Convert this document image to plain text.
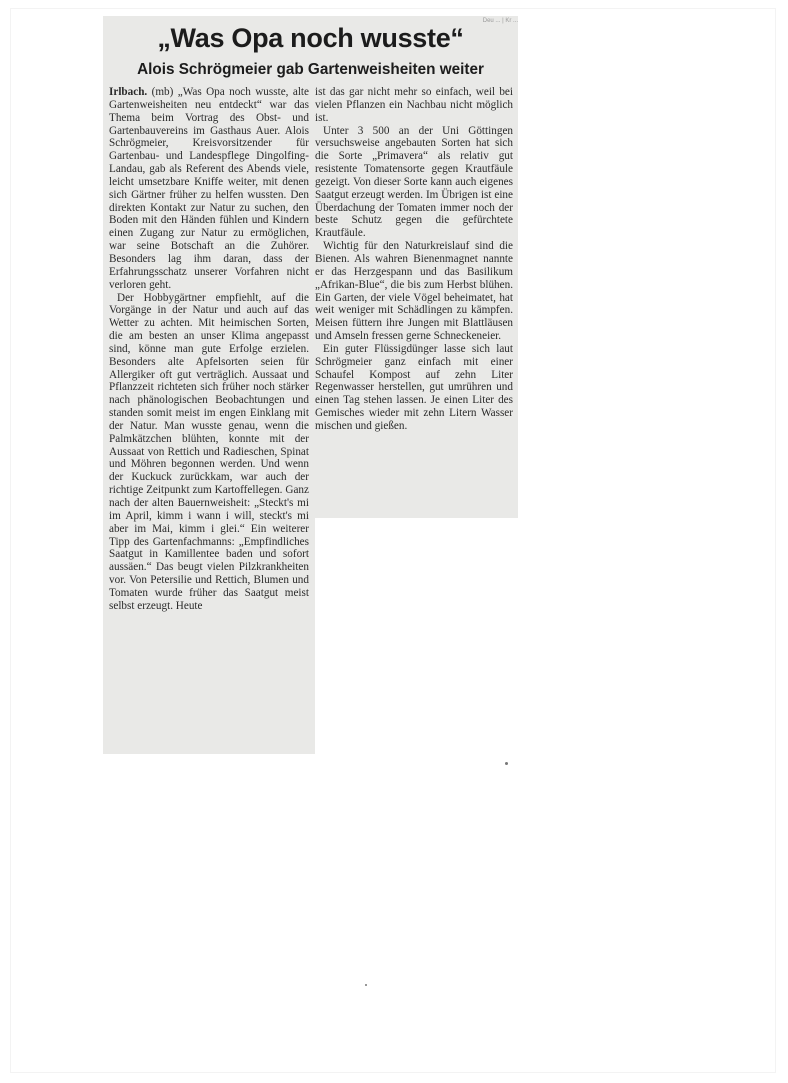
Deu ... | Kr ...
„Was Opa noch wusste“
Alois Schrögmeier gab Gartenweisheiten weiter

Irlbach. (mb) „Was Opa noch wusste, alte Gartenweisheiten neu entdeckt“ war das Thema beim Vortrag des Obst- und Gartenbauvereins im Gasthaus Auer. Alois Schrögmeier, Kreisvorsitzender für Gartenbau- und Landespflege Dingolfing-Landau, gab als Referent des Abends viele, leicht umsetzbare Kniffe weiter, mit denen sich Gärtner früher zu helfen wussten. Den direkten Kontakt zur Natur zu suchen, den Boden mit den Händen fühlen und Kindern einen Zugang zur Natur zu ermöglichen, war seine Botschaft an die Zuhörer. Besonders lag ihm daran, dass der Erfahrungsschatz unserer Vorfahren nicht verloren geht.

Der Hobbygärtner empfiehlt, auf die Vorgänge in der Natur und auch auf das Wetter zu achten. Mit heimischen Sorten, die am besten an unser Klima angepasst sind, könne man gute Erfolge erzielen. Besonders alte Apfelsorten seien für Allergiker oft gut verträglich. Aussaat und Pflanzzeit richteten sich früher noch stärker nach phänologischen Beobachtungen und standen somit meist im engen Einklang mit der Natur. Man wusste genau, wenn die Palmkätzchen blühten, konnte mit der Aussaat von Rettich und Radieschen, Spinat und Möhren begonnen werden. Und wenn der Kuckuck zurückkam, war auch der richtige Zeitpunkt zum Kartoffellegen. Ganz nach der alten Bauernweisheit: „Steckt's mi im April, kimm i wann i will, steckt's mi aber im Mai, kimm i glei.“ Ein weiterer Tipp des Gartenfachmanns: „Empfindliches Saatgut in Kamillentee baden und sofort aussäen.“ Das beugt vielen Pilzkrankheiten vor. Von Petersilie und Rettich, Blumen und Tomaten wurde früher das Saatgut meist selbst erzeugt. Heute

ist das gar nicht mehr so einfach, weil bei vielen Pflanzen ein Nachbau nicht möglich ist.

Unter 3 500 an der Uni Göttingen versuchsweise angebauten Sorten hat sich die Sorte „Primavera“ als relativ gut resistente Tomatensorte gegen Krautfäule gezeigt. Von dieser Sorte kann auch eigenes Saatgut erzeugt werden. Im Übrigen ist eine Überdachung der Tomaten immer noch der beste Schutz gegen die gefürchtete Krautfäule.

Wichtig für den Naturkreislauf sind die Bienen. Als wahren Bienenmagnet nannte er das Herzgespann und das Basilikum „Afrikan-Blue“, die bis zum Herbst blühen. Ein Garten, der viele Vögel beheimatet, hat weit weniger mit Schädlingen zu kämpfen. Meisen füttern ihre Jungen mit Blattläusen und Amseln fressen gerne Schneckeneier.

Ein guter Flüssigdünger lasse sich laut Schrögmeier ganz einfach mit einer Schaufel Kompost auf zehn Liter Regenwasser herstellen, gut umrühren und einen Tag stehen lassen. Je einen Liter des Gemisches wieder mit zehn Litern Wasser mischen und gießen.
